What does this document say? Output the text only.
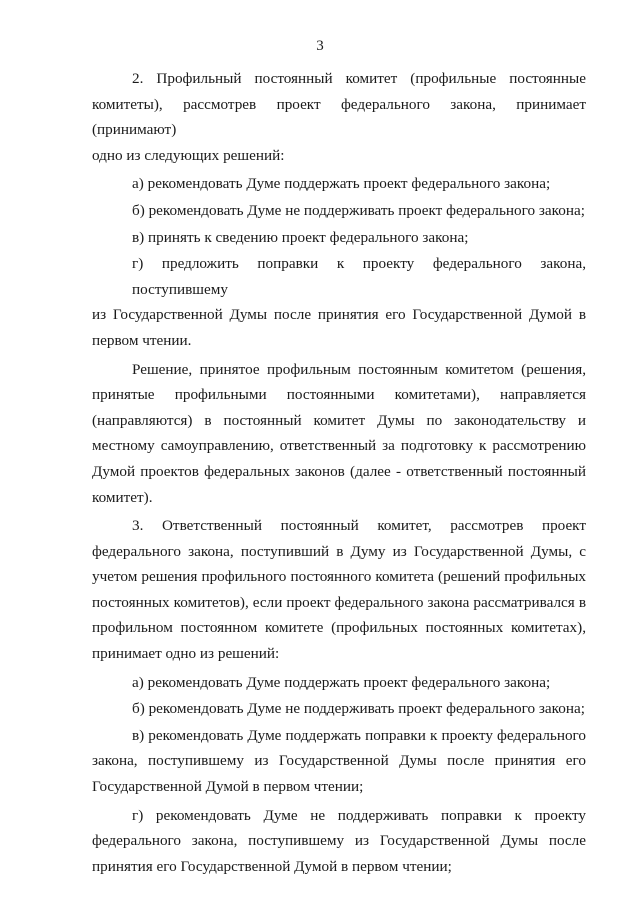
3
2. Профильный постоянный комитет (профильные постоянные
комитеты), рассмотрев проект федерального закона, принимает (принимают)
одно из следующих решений:
а) рекомендовать Думе поддержать проект федерального закона;
б) рекомендовать Думе не поддерживать проект федерального закона;
в) принять к сведению проект федерального закона;
г) предложить поправки к проекту федерального закона, поступившему
из Государственной Думы после принятия его Государственной Думой в
первом чтении.
Решение, принятое профильным постоянным комитетом (решения,
принятые профильными постоянными комитетами), направляется
(направляются) в постоянный комитет Думы по законодательству и
местному самоуправлению, ответственный за подготовку к рассмотрению
Думой проектов федеральных законов (далее - ответственный постоянный
комитет).
3. Ответственный постоянный комитет, рассмотрев проект
федерального закона, поступивший в Думу из Государственной Думы, с
учетом решения профильного постоянного комитета (решений профильных
постоянных комитетов), если проект федерального закона рассматривался в
профильном постоянном комитете (профильных постоянных комитетах),
принимает одно из решений:
а) рекомендовать Думе поддержать проект федерального закона;
б) рекомендовать Думе не поддерживать проект федерального закона;
в) рекомендовать Думе поддержать поправки к проекту федерального
закона, поступившему из Государственной Думы после принятия его
Государственной Думой в первом чтении;
г) рекомендовать Думе не поддерживать поправки к проекту
федерального закона, поступившему из Государственной Думы после
принятия его Государственной Думой в первом чтении;
